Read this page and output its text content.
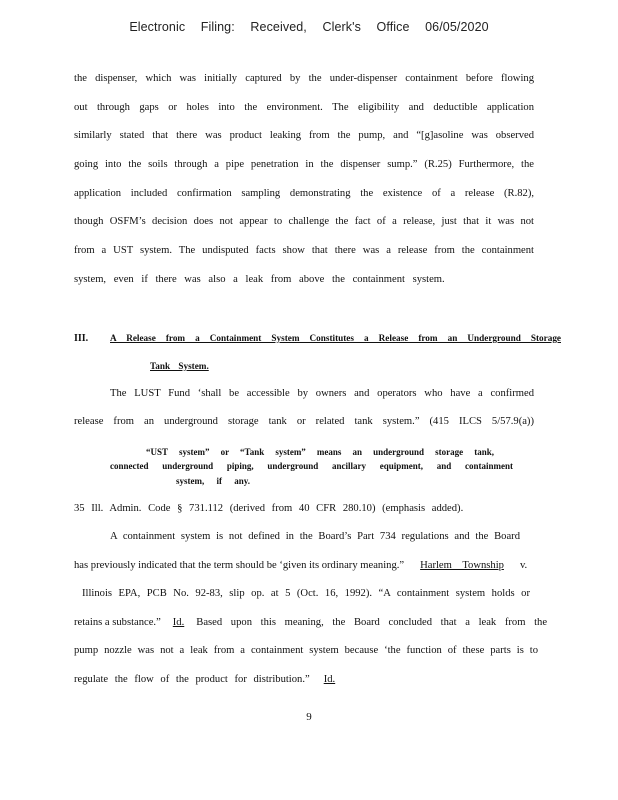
Electronic Filing: Received, Clerk's Office 06/05/2020
the dispenser, which was initially captured by the under-dispenser containment before flowing
out through gaps or holes into the environment. The eligibility and deductible application
similarly stated that there was product leaking from the pump, and “[g]asoline was observed
going into the soils through a pipe penetration in the dispenser sump.” (R.25) Furthermore, the
application included confirmation sampling demonstrating the existence of a release (R.82),
though OSFM’s decision does not appear to challenge the fact of a release, just that it was not
from a UST system. The undisputed facts show that there was a release from the containment
system, even if there was also a leak from above the containment system.
III. A Release from a Containment System Constitutes a Release from an Underground Storage
Tank System.
The LUST Fund ‘shall be accessible by owners and operators who have a confirmed
release from an underground storage tank or related tank system.” (415 ILCS 5/57.9(a))
“UST system” or “Tank system” means an underground storage tank,
connected underground piping, underground ancillary equipment, and containment
system, if any.
35 Ill. Admin. Code § 731.112 (derived from 40 CFR 280.10) (emphasis added).
A containment system is not defined in the Board’s Part 734 regulations and the Board
has previously indicated that the term should be ‘given its ordinary meaning.” Harlem Township v.
Illinois EPA, PCB No. 92-83, slip op. at 5 (Oct. 16, 1992). “A containment system holds or
retains a substance.” Id. Based upon this meaning, the Board concluded that a leak from the
pump nozzle was not a leak from a containment system because ‘the function of these parts is to
regulate the flow of the product for distribution.” Id.
9
